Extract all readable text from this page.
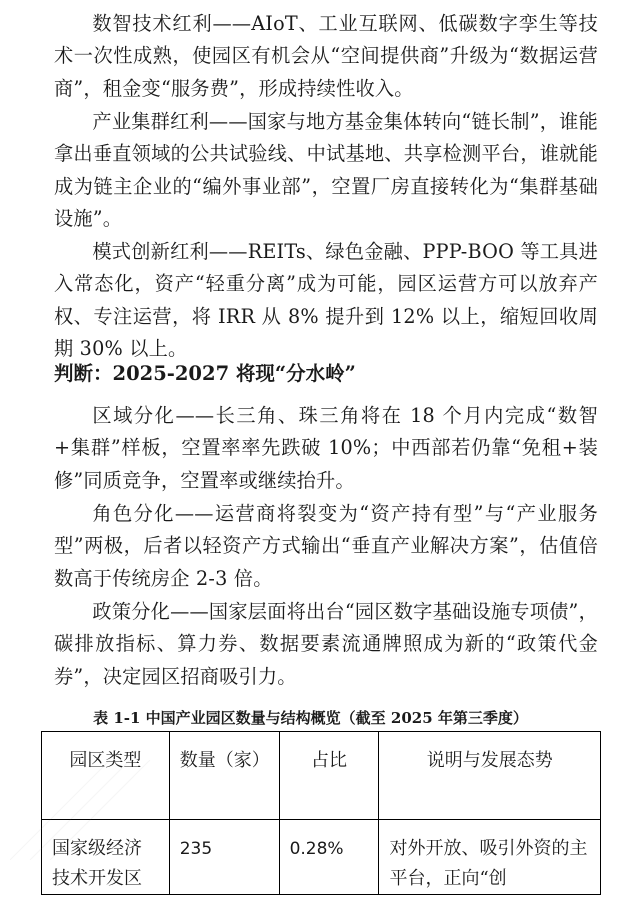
数智技术红利——AIoT、工业互联网、低碳数字孪生等技术一次性成熟，使园区有机会从“空间提供商”升级为“数据运营商”，租金变“服务费”，形成持续性收入。

产业集群红利——国家与地方基金集体转向“链长制”，谁能拿出垂直领域的公共试验线、中试基地、共享检测平台，谁就能成为链主企业的“编外事业部”，空置厂房直接转化为“集群基础设施”。

模式创新红利——REITs、绿色金融、PPP-BOO 等工具进入常态化，资产“轻重分离”成为可能，园区运营方可以放弃产权、专注运营，将 IRR 从 8% 提升到 12% 以上，缩短回收周期 30% 以上。

判断：2025-2027 将现“分水岭”

区域分化——长三角、珠三角将在 18 个月内完成“数智+集群”样板，空置率率先跌破 10%；中西部若仍靠“免租+装修”同质竞争，空置率或继续抬升。

角色分化——运营商将裂变为“资产持有型”与“产业服务型”两极，后者以轻资产方式输出“垂直产业解决方案”，估值倍数高于传统房企 2-3 倍。

政策分化——国家层面将出台“园区数字基础设施专项债”，碳排放指标、算力券、数据要素流通牌照成为新的“政策代金券”，决定园区招商吸引力。

表 1-1 中国产业园区数量与结构概览（截至 2025 年第三季度）

园区类型	数量（家）	占比	说明与发展态势
国家级经济技术开发区	235	0.28%	对外开放、吸引外资的主平台，正向“创
